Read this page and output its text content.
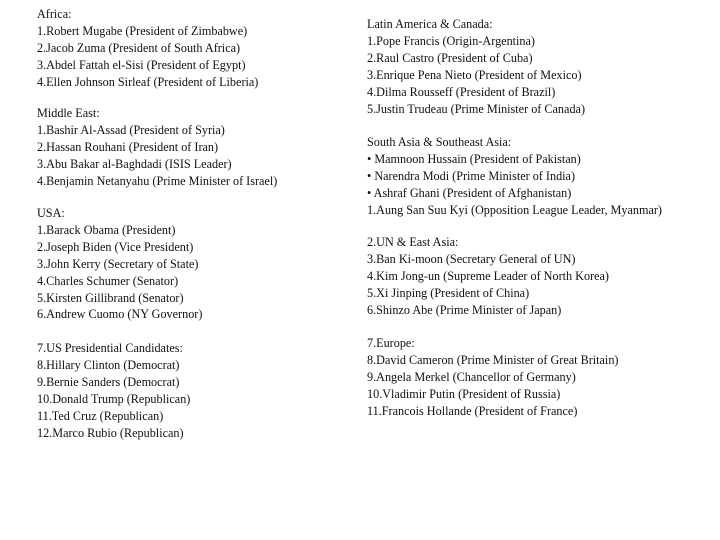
Africa:
1.Robert Mugabe (President of Zimbabwe)
2.Jacob Zuma (President of South Africa)
3.Abdel Fattah el-Sisi (President of Egypt)
4.Ellen Johnson Sirleaf (President of Liberia)
Middle East:
1.Bashir Al-Assad (President of Syria)
2.Hassan Rouhani (President of Iran)
3.Abu Bakar al-Baghdadi (ISIS Leader)
4.Benjamin Netanyahu (Prime Minister of Israel)
USA:
1.Barack Obama (President)
2.Joseph Biden (Vice President)
3.John Kerry (Secretary of State)
4.Charles Schumer (Senator)
5.Kirsten Gillibrand (Senator)
6.Andrew Cuomo (NY Governor)
7.US Presidential Candidates:
8.Hillary Clinton (Democrat)
9.Bernie Sanders (Democrat)
10.Donald Trump (Republican)
11.Ted Cruz (Republican)
12.Marco Rubio (Republican)
Latin America & Canada:
1.Pope Francis (Origin-Argentina)
2.Raul Castro (President of Cuba)
3.Enrique Pena Nieto (President of Mexico)
4.Dilma Rousseff (President of Brazil)
5.Justin Trudeau (Prime Minister of Canada)
South Asia & Southeast Asia:
• Mamnoon Hussain (President of Pakistan)
• Narendra Modi (Prime Minister of India)
• Ashraf Ghani (President of Afghanistan)
1.Aung San Suu Kyi (Opposition League Leader, Myanmar)
2.UN & East Asia:
3.Ban Ki-moon (Secretary General of UN)
4.Kim Jong-un (Supreme Leader of North Korea)
5.Xi Jinping (President of China)
6.Shinzo Abe (Prime Minister of Japan)
7.Europe:
8.David Cameron (Prime Minister of Great Britain)
9.Angela Merkel (Chancellor of Germany)
10.Vladimir Putin (President of Russia)
11.Francois Hollande (President of France)
